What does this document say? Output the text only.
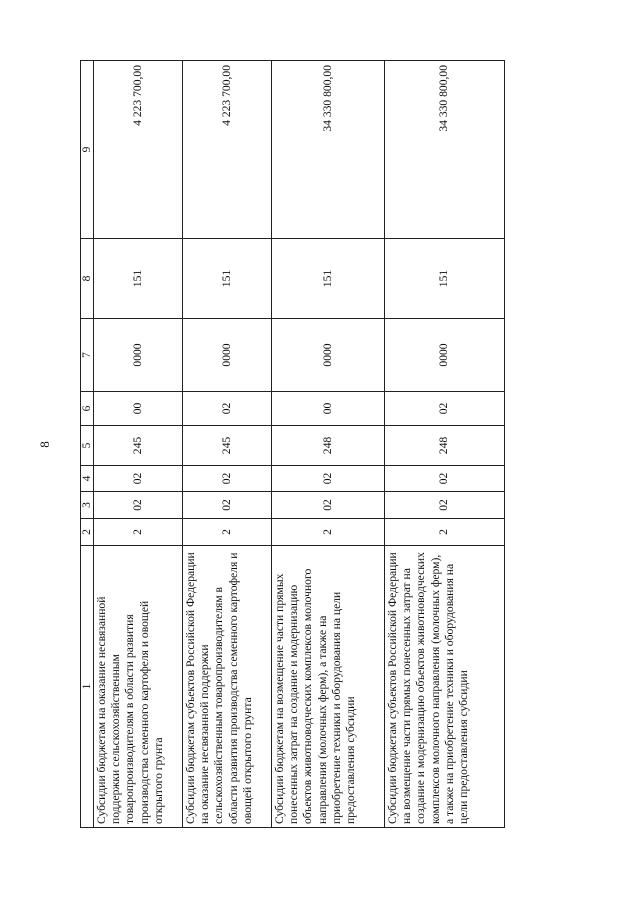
8
1	2	3	4	5	6	7	8	9
Субсидии бюджетам на оказание несвязанной поддержки сельскохозяйственным товаропроизводителям в области развития производства семенного картофеля и овощей открытого грунта	2	02	02	245	00	0000	151	4 223 700,00
Субсидии бюджетам субъектов Российской Федерации на оказание несвязанной поддержки сельскохозяйственным товаропроизводителям в области развития производства семенного картофеля и овощей открытого грунта	2	02	02	245	02	0000	151	4 223 700,00
Субсидии бюджетам на возмещение части прямых понесенных затрат на создание и модернизацию объектов животноводческих комплексов молочного направления (молочных ферм), а также на приобретение техники и оборудования на цели предоставления субсидии	2	02	02	248	00	0000	151	34 330 800,00
Субсидии бюджетам субъектов Российской Федерации на возмещение части прямых понесенных затрат на создание и модернизацию объектов животноводческих комплексов молочного направления (молочных ферм), а также на приобретение техники и оборудования на цели предоставления субсидии	2	02	02	248	02	0000	151	34 330 800,00
